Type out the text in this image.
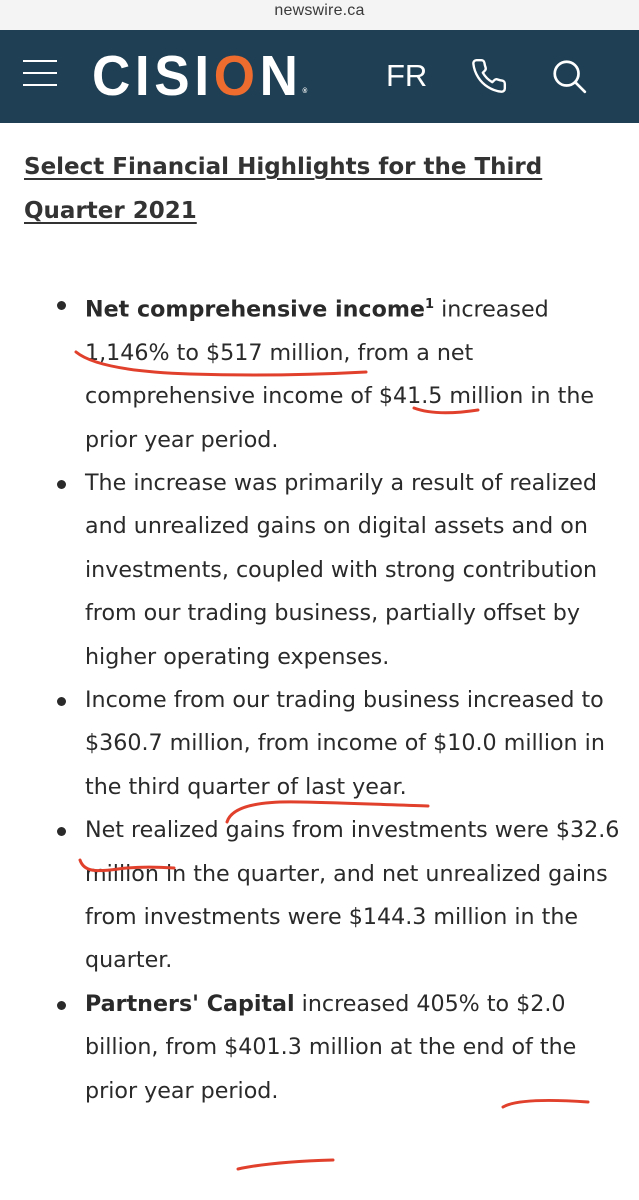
newswire.ca
CISION®	FR
Select Financial Highlights for the Third Quarter 2021
Net comprehensive income$^1$ increased 1,146% to $517 million, from a net comprehensive income of $41.5 million in the prior year period.
The increase was primarily a result of realized and unrealized gains on digital assets and on investments, coupled with strong contribution from our trading business, partially offset by higher operating expenses.
Income from our trading business increased to $360.7 million, from income of $10.0 million in the third quarter of last year.
Net realized gains from investments were $32.6 million in the quarter, and net unrealized gains from investments were $144.3 million in the quarter.
Partners' Capital increased 405% to $2.0 billion, from $401.3 million at the end of the prior year period.
